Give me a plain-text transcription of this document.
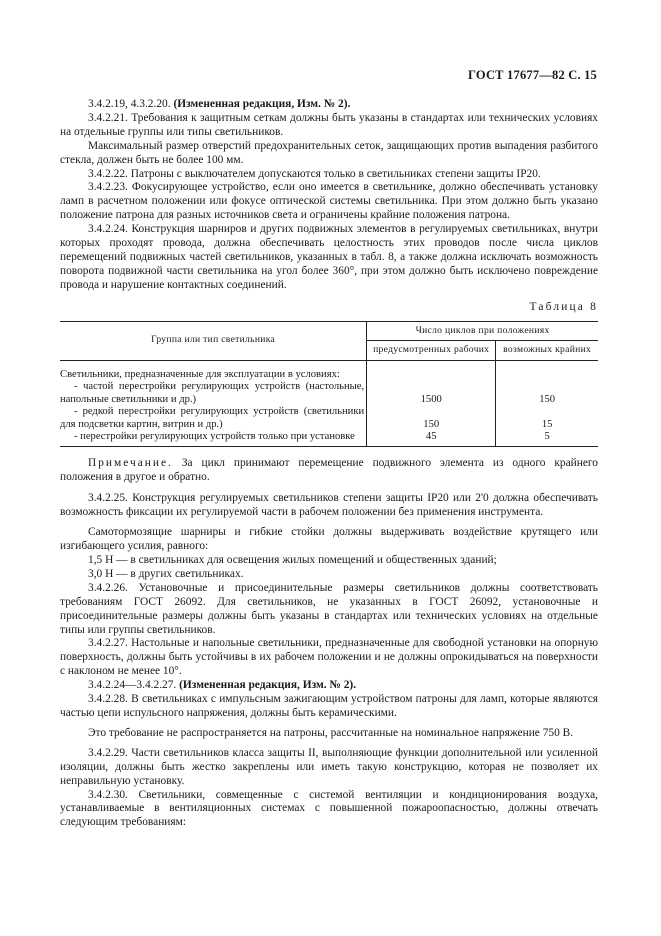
ГОСТ 17677—82 С. 15

3.4.2.19, 4.3.2.20. (Измененная редакция, Изм. № 2).

3.4.2.21. Требования к защитным сеткам должны быть указаны в стандартах или технических условиях на отдельные группы или типы светильников.

Максимальный размер отверстий предохранительных сеток, защищающих против выпадения разбитого стекла, должен быть не более 100 мм.

3.4.2.22. Патроны с выключателем допускаются только в светильниках степени защиты IP20.

3.4.2.23. Фокусирующее устройство, если оно имеется в светильнике, должно обеспечивать установку ламп в расчетном положении или фокусе оптической системы светильника. При этом должно быть указано положение патрона для разных источников света и ограничены крайние положения патрона.

3.4.2.24. Конструкция шарниров и других подвижных элементов в регулируемых светильниках, внутри которых проходят провода, должна обеспечивать целостность этих проводов после числа циклов перемещений подвижных частей светильников, указанных в табл. 8, а также должна исключать возможность поворота подвижной части светильника на угол более 360°, при этом должно быть исключено повреждение провода и нарушение контактных соединений.

Таблица 8
Группа или тип светильника	Число циклов при положениях	
	предусмотренных рабочих	возможных крайних
Светильники, предназначенные для эксплуатации в условиях:		
- частой перестройки регулирующих устройств (настольные, напольные светильники и др.)	1500	150
- редкой перестройки регулирующих устройств (светильники для подсветки картин, витрин и др.)	150	15
- перестройки регулирующих устройств только при установке	45	5

Примечание. За цикл принимают перемещение подвижного элемента из одного крайнего положения в другое и обратно.

3.4.2.25. Конструкция регулируемых светильников степени защиты IP20 или 2'0 должна обеспечивать возможность фиксации их регулируемой части в рабочем положении без применения инструмента.

Самотормозящие шарниры и гибкие стойки должны выдерживать воздействие крутящего или изгибающего усилия, равного:

1,5 Н — в светильниках для освещения жилых помещений и общественных зданий;

3,0 Н — в других светильниках.

3.4.2.26. Установочные и присоединительные размеры светильников должны соответствовать требованиям ГОСТ 26092. Для светильников, не указанных в ГОСТ 26092, установочные и присоединительные размеры должны быть указаны в стандартах или технических условиях на отдельные типы или группы светильников.

3.4.2.27. Настольные и напольные светильники, предназначенные для свободной установки на опорную поверхность, должны быть устойчивы в их рабочем положении и не должны опрокидываться на поверхности с наклоном не менее 10°.

3.4.2.24—3.4.2.27. (Измененная редакция, Изм. № 2).

3.4.2.28. В светильниках с импульсным зажигающим устройством патроны для ламп, которые являются частью цепи испульсного напряжения, должны быть керамическими.

Это требование не распространяется на патроны, рассчитанные на номинальное напряжение 750 В.

3.4.2.29. Части светильников класса защиты II, выполняющие функции дополнительной или усиленной изоляции, должны быть жестко закреплены или иметь такую конструкцию, которая не позволяет их неправильную установку.

3.4.2.30. Светильники, совмещенные с системой вентиляции и кондиционирования воздуха, устанавливаемые в вентиляционных системах с повышенной пожароопасностью, должны отвечать следующим требованиям:
